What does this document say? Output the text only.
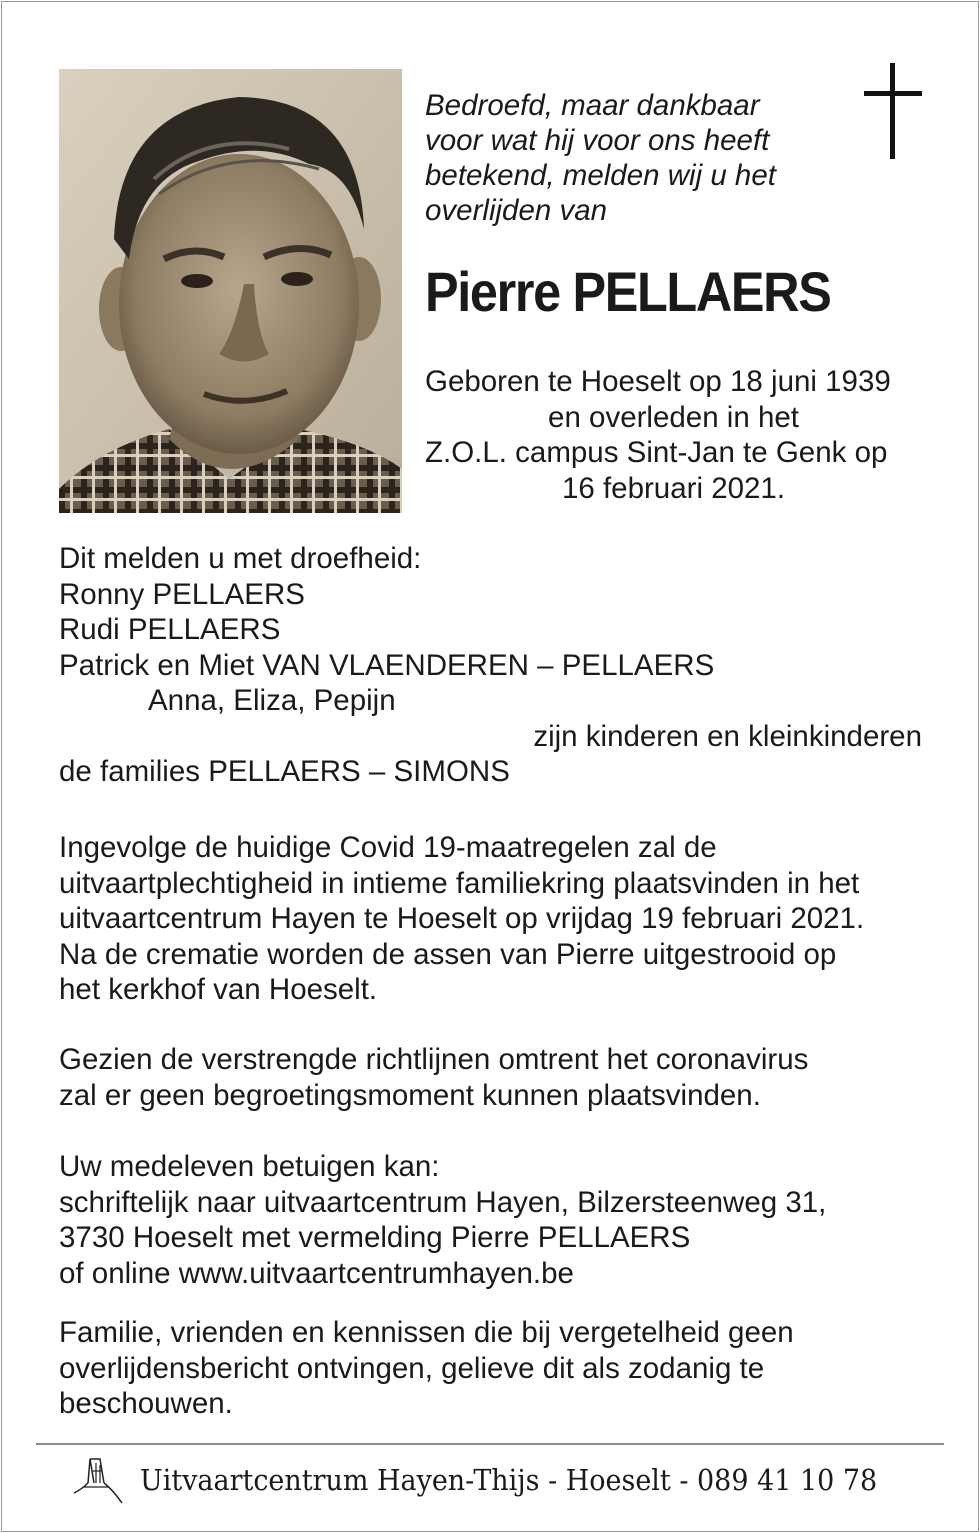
Bedroefd, maar dankbaar
voor wat hij voor ons heeft
betekend, melden wij u het
overlijden van
Pierre PELLAERS
Geboren te Hoeselt op 18 juni 1939
en overleden in het
Z.O.L. campus Sint-Jan te Genk op
16 februari 2021.
Dit melden u met droefheid:
Ronny PELLAERS
Rudi PELLAERS
Patrick en Miet VAN VLAENDEREN – PELLAERS
Anna, Eliza, Pepijn
zijn kinderen en kleinkinderen
de families PELLAERS – SIMONS
Ingevolge de huidige Covid 19-maatregelen zal de
uitvaartplechtigheid in intieme familiekring plaatsvinden in het
uitvaartcentrum Hayen te Hoeselt op vrijdag 19 februari 2021.
Na de crematie worden de assen van Pierre uitgestrooid op
het kerkhof van Hoeselt.
Gezien de verstrengde richtlijnen omtrent het coronavirus
zal er geen begroetingsmoment kunnen plaatsvinden.
Uw medeleven betuigen kan:
schriftelijk naar uitvaartcentrum Hayen, Bilzersteenweg 31,
3730 Hoeselt met vermelding Pierre PELLAERS
of online www.uitvaartcentrumhayen.be
Familie, vrienden en kennissen die bij vergetelheid geen
overlijdensbericht ontvingen, gelieve dit als zodanig te
beschouwen.
Uitvaartcentrum Hayen-Thijs - Hoeselt - 089 41 10 78
